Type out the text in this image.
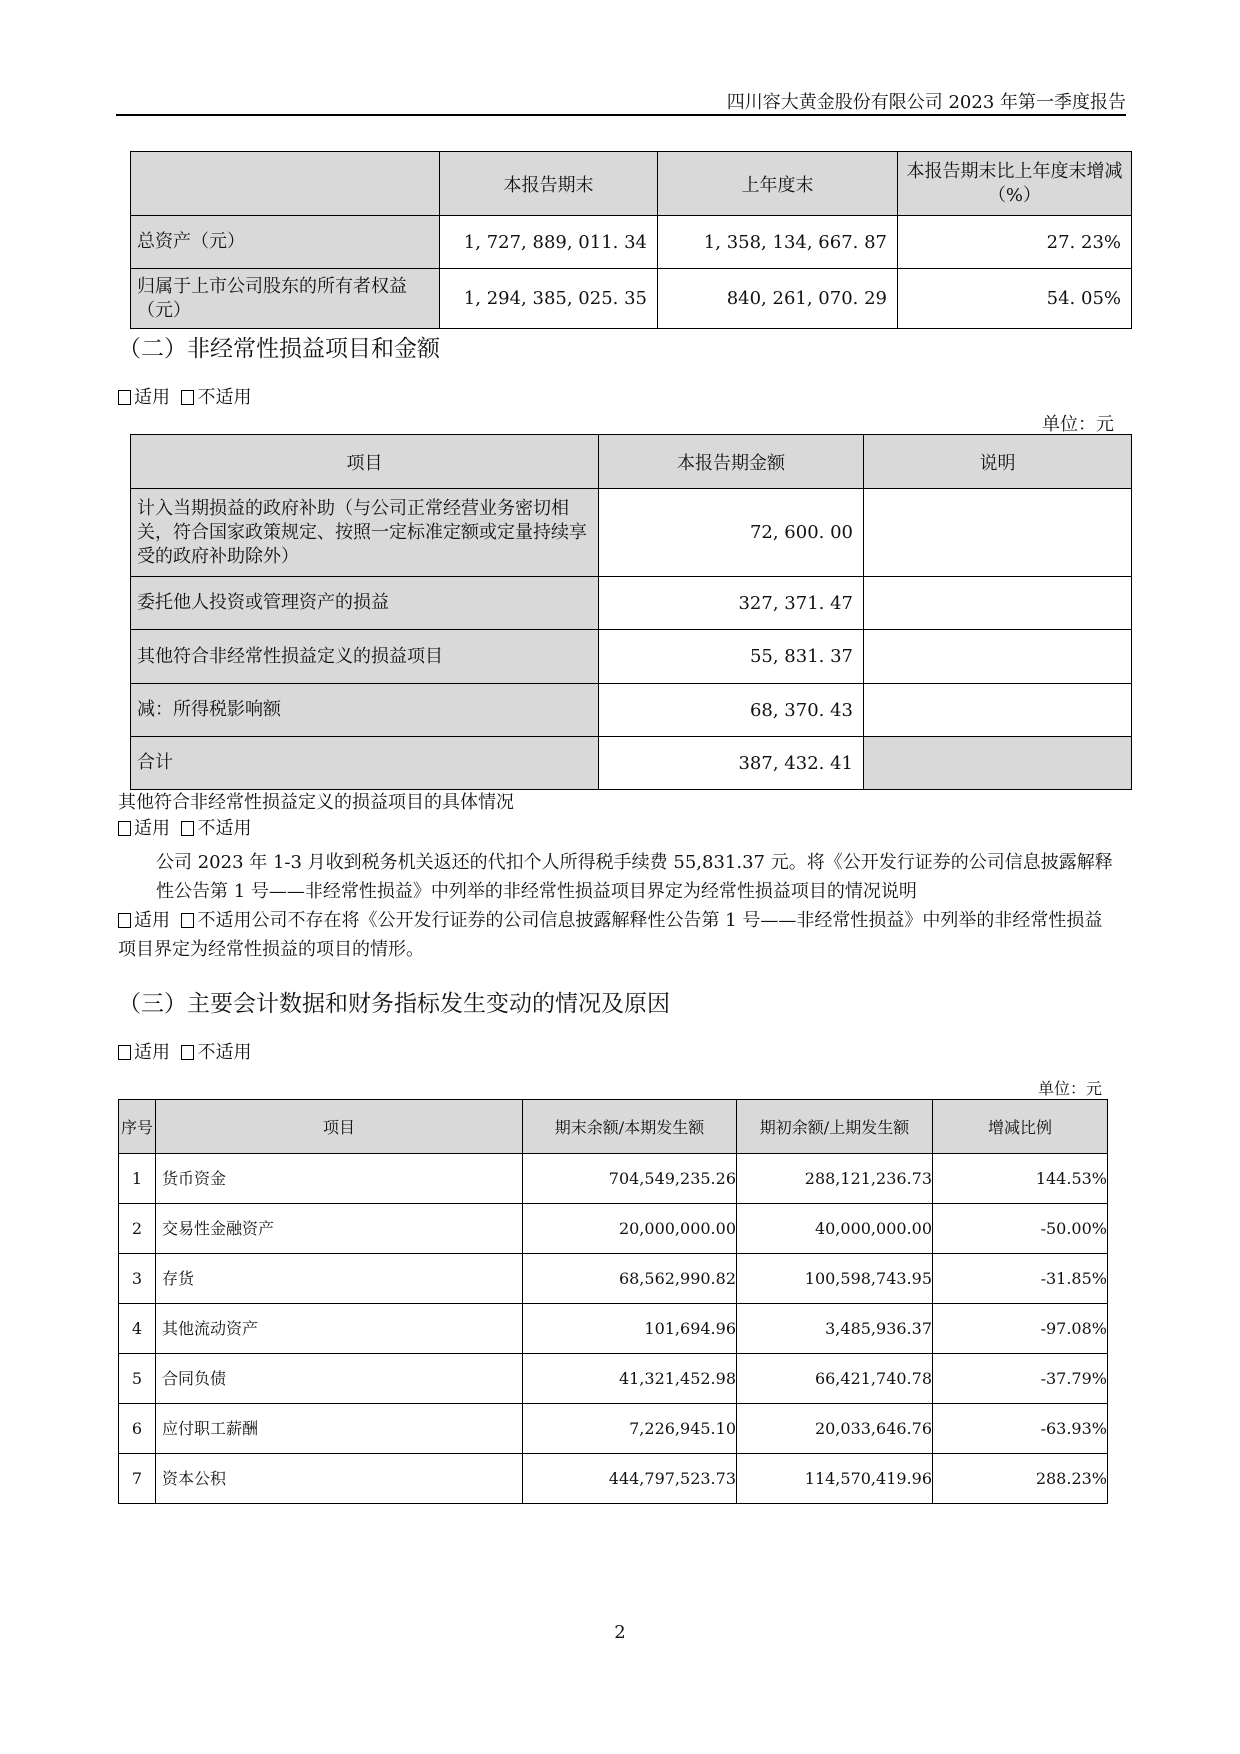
四川容大黄金股份有限公司 2023 年第一季度报告
	本报告期末	上年度末	本报告期末比上年度末增减（%）
总资产（元）	1, 727, 889, 011. 34	1, 358, 134, 667. 87	27. 23%
归属于上市公司股东的所有者权益（元）	1, 294, 385, 025. 35	840, 261, 070. 29	54. 05%
（二）非经常性损益项目和金额
适用 不适用
单位：元
项目	本报告期金额	说明
计入当期损益的政府补助（与公司正常经营业务密切相关，符合国家政策规定、按照一定标准定额或定量持续享受的政府补助除外）	72, 600. 00	
委托他人投资或管理资产的损益	327, 371. 47	
其他符合非经常性损益定义的损益项目	55, 831. 37	
减：所得税影响额	68, 370. 43	
合计	387, 432. 41	
其他符合非经常性损益定义的损益项目的具体情况
适用 不适用
公司 2023 年 1-3 月收到税务机关返还的代扣个人所得税手续费 55,831.37 元。将《公开发行证券的公司信息披露解释性公告第 1 号——非经常性损益》中列举的非经常性损益项目界定为经常性损益项目的情况说明
适用 不适用公司不存在将《公开发行证券的公司信息披露解释性公告第 1 号——非经常性损益》中列举的非经常性损益项目界定为经常性损益的项目的情形。
（三）主要会计数据和财务指标发生变动的情况及原因
适用 不适用
单位：元
序号	项目	期末余额/本期发生额	期初余额/上期发生额	增减比例
1	货币资金	704,549,235.26	288,121,236.73	144.53%
2	交易性金融资产	20,000,000.00	40,000,000.00	-50.00%
3	存货	68,562,990.82	100,598,743.95	-31.85%
4	其他流动资产	101,694.96	3,485,936.37	-97.08%
5	合同负债	41,321,452.98	66,421,740.78	-37.79%
6	应付职工薪酬	7,226,945.10	20,033,646.76	-63.93%
7	资本公积	444,797,523.73	114,570,419.96	288.23%
2
